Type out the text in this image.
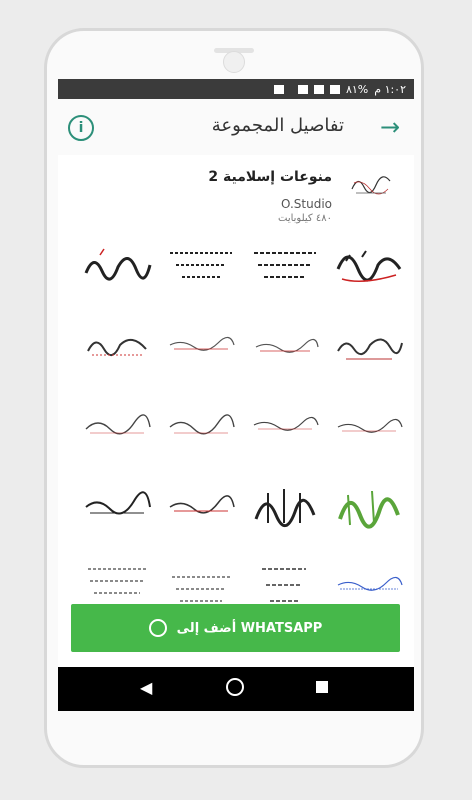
١:٠٢ م
%٨١
→
تفاصيل المجموعة
i
منوعات إسلامية 2
O.Studio
٤٨٠ كيلوبايت
أضف إلى WHATSAPP
◀
